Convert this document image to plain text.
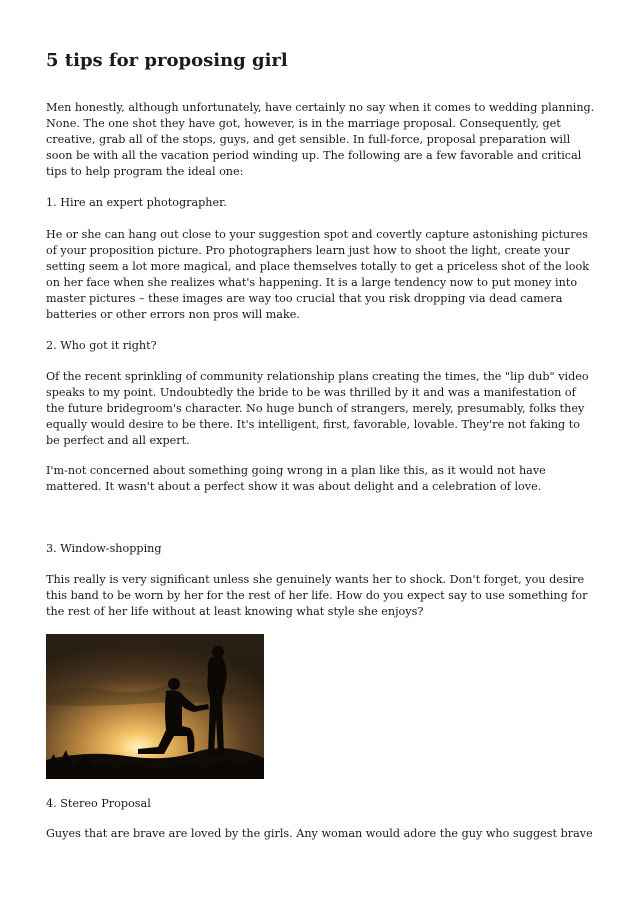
5 tips for proposing girl

Men honestly, although unfortunately, have certainly no say when it comes to wedding planning. None. The one shot they have got, however, is in the marriage proposal. Consequently, get creative, grab all of the stops, guys, and get sensible. In full-force, proposal preparation will soon be with all the vacation period winding up. The following are a few favorable and critical tips to help program the ideal one:

1. Hire an expert photographer.

He or she can hang out close to your suggestion spot and covertly capture astonishing pictures of your proposition picture. Pro photographers learn just how to shoot the light, create your setting seem a lot more magical, and place themselves totally to get a priceless shot of the look on her face when she realizes what's happening. It is a large tendency now to put money into master pictures – these images are way too crucial that you risk dropping via dead camera batteries or other errors non pros will make.

2. Who got it right?

Of the recent sprinkling of community relationship plans creating the times, the "lip dub" video speaks to my point. Undoubtedly the bride to be was thrilled by it and was a manifestation of the future bridegroom's character. No huge bunch of strangers, merely, presumably, folks they equally would desire to be there. It's intelligent, first, favorable, lovable. They're not faking to be perfect and all expert.

I'm-not concerned about something going wrong in a plan like this, as it would not have mattered. It wasn't about a perfect show it was about delight and a celebration of love.

3. Window-shopping

This really is very significant unless she genuinely wants her to shock. Don't forget, you desire this band to be worn by her for the rest of her life. How do you expect say to use something for the rest of her life without at least knowing what style she enjoys?

4. Stereo Proposal

Guyes that are brave are loved by the girls. Any woman would adore the guy who suggest brave
